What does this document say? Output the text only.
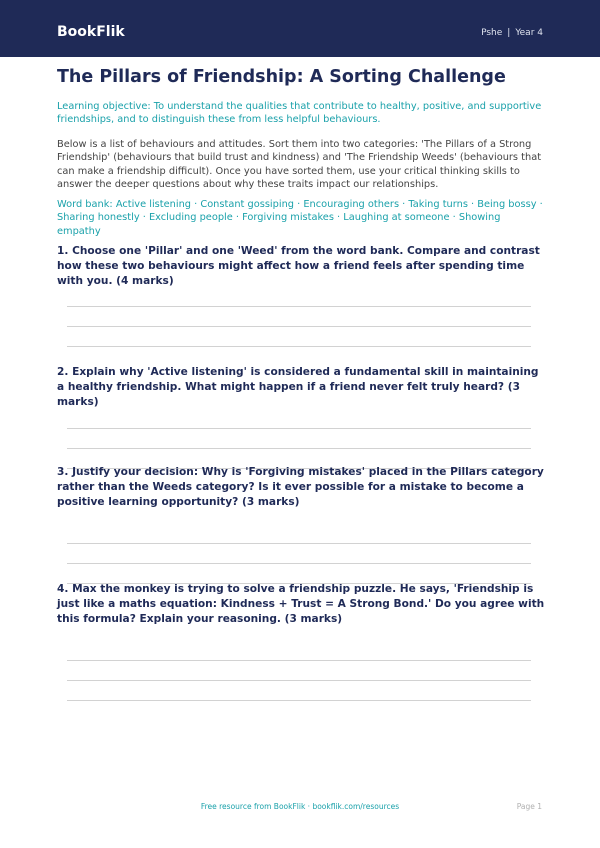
BookFlik	Pshe | Year 4
The Pillars of Friendship: A Sorting Challenge
Learning objective: To understand the qualities that contribute to healthy, positive, and supportive friendships, and to distinguish these from less helpful behaviours.
Below is a list of behaviours and attitudes. Sort them into two categories: 'The Pillars of a Strong Friendship' (behaviours that build trust and kindness) and 'The Friendship Weeds' (behaviours that can make a friendship difficult). Once you have sorted them, use your critical thinking skills to answer the deeper questions about why these traits impact our relationships.
Word bank: Active listening · Constant gossiping · Encouraging others · Taking turns · Being bossy · Sharing honestly · Excluding people · Forgiving mistakes · Laughing at someone · Showing empathy
1. Choose one 'Pillar' and one 'Weed' from the word bank. Compare and contrast how these two behaviours might affect how a friend feels after spending time with you. (4 marks)
2. Explain why 'Active listening' is considered a fundamental skill in maintaining a healthy friendship. What might happen if a friend never felt truly heard? (3 marks)
3. Justify your decision: Why is 'Forgiving mistakes' placed in the Pillars category rather than the Weeds category? Is it ever possible for a mistake to become a positive learning opportunity? (3 marks)
4. Max the monkey is trying to solve a friendship puzzle. He says, 'Friendship is just like a maths equation: Kindness + Trust = A Strong Bond.' Do you agree with this formula? Explain your reasoning. (3 marks)
Free resource from BookFlik · bookflik.com/resources	Page 1
